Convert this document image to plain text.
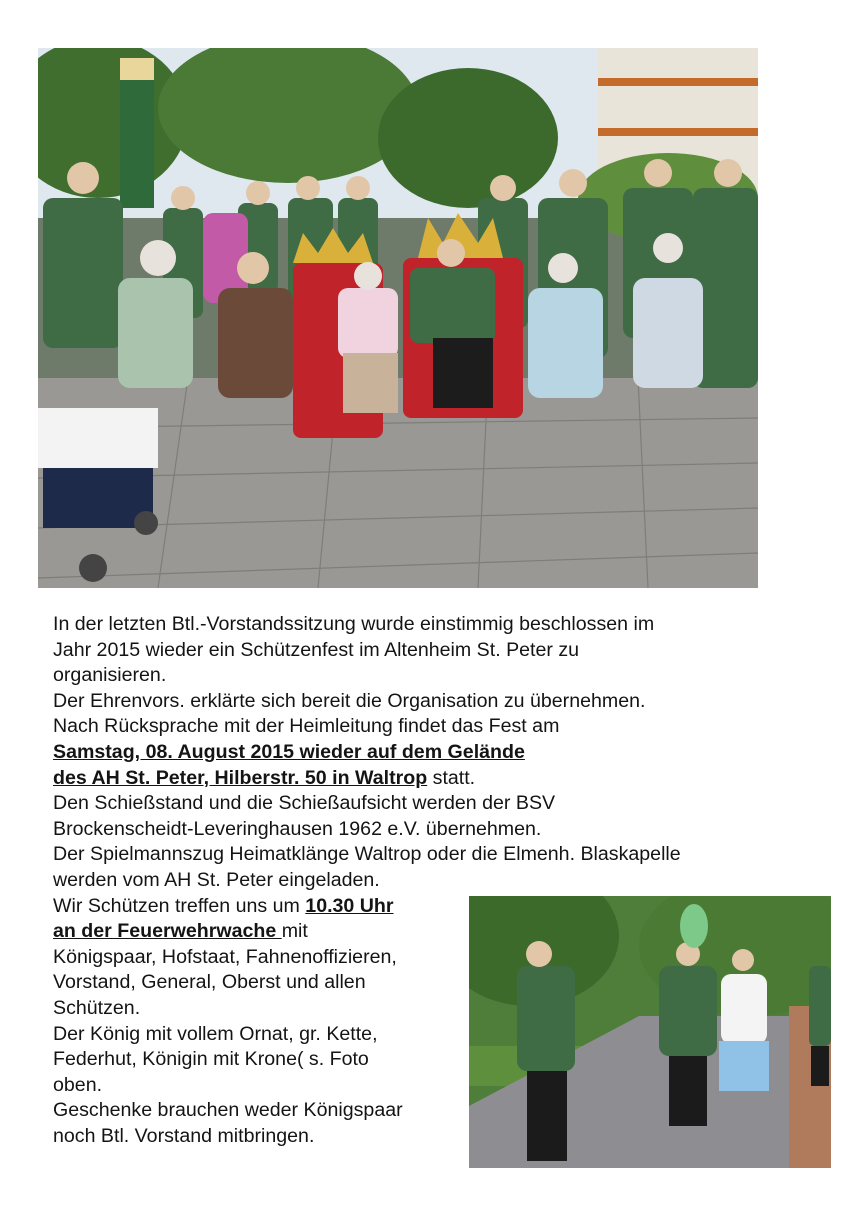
In der letzten Btl.-Vorstandssitzung wurde einstimmig beschlossen im
Jahr 2015 wieder ein Schützenfest im Altenheim St. Peter zu
organisieren.
Der Ehrenvors. erklärte sich bereit die Organisation zu übernehmen.
Nach Rücksprache mit der Heimleitung findet das Fest am
Samstag, 08. August 2015 wieder auf dem Gelände
des AH St. Peter, Hilberstr. 50 in Waltrop statt.
Den Schießstand und die Schießaufsicht werden der BSV
Brockenscheidt-Leveringhausen 1962 e.V. übernehmen.
Der Spielmannszug Heimatklänge Waltrop oder die Elmenh. Blaskapelle
werden vom AH St. Peter eingeladen.
Wir Schützen treffen uns um 10.30 Uhr
an der Feuerwehrwache mit
Königspaar, Hofstaat, Fahnenoffizieren,
Vorstand, General, Oberst und allen
Schützen.
Der König mit vollem Ornat, gr. Kette,
Federhut, Königin mit Krone( s. Foto
oben.
Geschenke brauchen weder Königspaar
noch Btl. Vorstand mitbringen.
